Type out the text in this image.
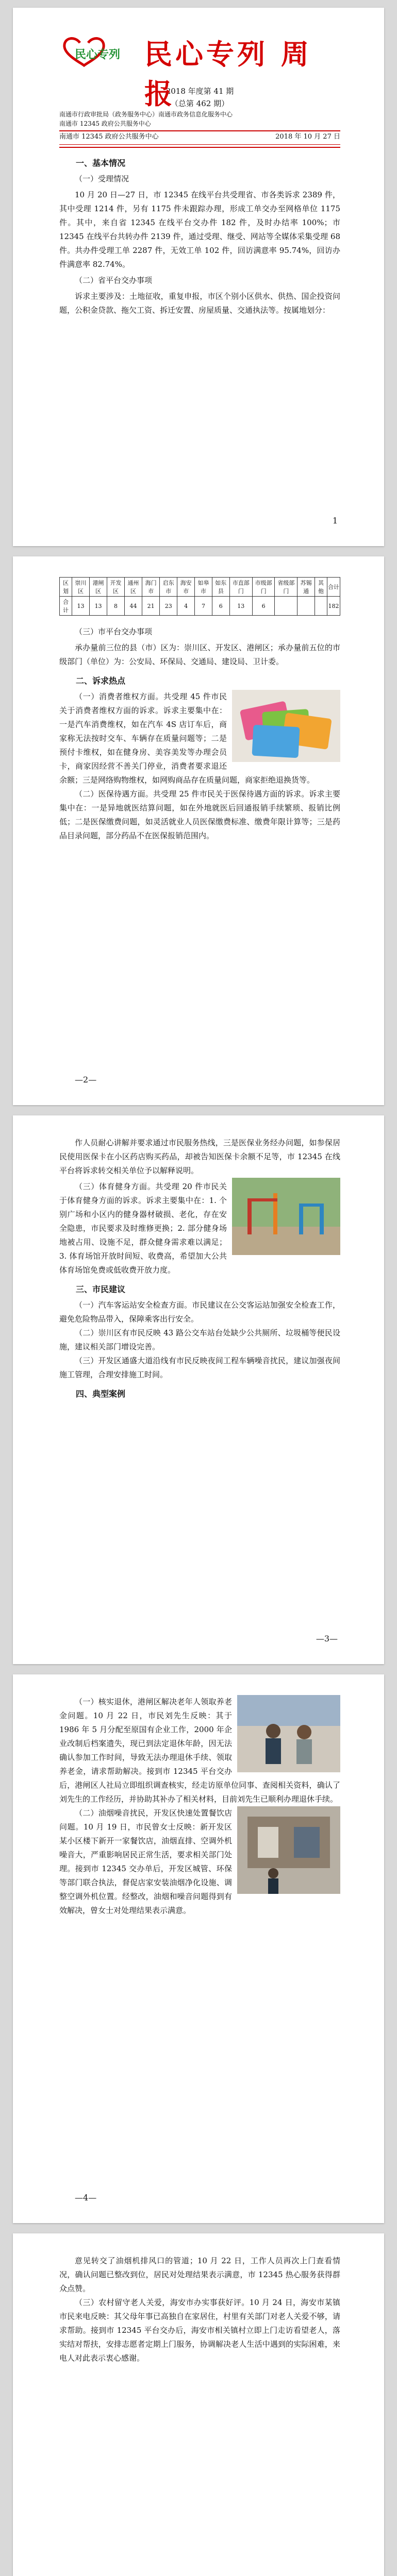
民心专列 民心专列 周报
2018 年度第 41 期
（总第 462 期）
南通市行政审批局（政务服务中心）南通市政务信息化服务中心
南通市 12345 政府公共服务中心
南通市 12345 政府公共服务中心	2018 年 10 月 27 日
一、基本情况
（一）受理情况

10 月 20 日—27 日，市 12345 在线平台共受理省、市各类诉求 2389 件，其中受理 1214 件，另有 1175 件未跟踪办理，形成工单交办至网格单位 1175 件。其中，来自省 12345 在线平台交办件 182 件，及时办结率 100%；市 12345 在线平台共转办件 2139 件，通过受理、继受、网站等全媒体采集受理 68 件。共办件受理工单 2287 件，无效工单 102 件，回访满意率 95.74%，回访办件满意率 82.74%。

（二）省平台交办事项

诉求主要涉及：土地征收，重复申报，市区个别小区供水、供热、国企投资问题，公积金贷款、拖欠工资、拆迁安置、房屋质量、交通执法等。按属地划分：

1
区划	崇川区	港闸区	开发区	通州区	海门市	启东市	海安市	如皋市	如东县	市直部门	市级部门	省级部门	苏锡通	其他	合计
合计	13	13	8	44	21	23	4	7	6	13	6				182
（三）市平台交办事项

承办量前三位的县（市）区为：崇川区、开发区、港闸区；承办量前五位的市级部门（单位）为：公安局、环保局、交通局、建设局、卫计委。

二、诉求热点

（一）消费者维权方面。共受理 45 件市民关于消费者维权方面的诉求。诉求主要集中在：一是汽车消费维权，如在汽车 4S 店订车后，商家称无法按时交车、车辆存在质量问题等；二是预付卡维权，如在健身房、美容美发等办理会员卡，商家因经营不善关门停业，消费者要求退还余额；三是网络购物维权，如网购商品存在质量问题，商家拒绝退换货等。

（二）医保待遇方面。共受理 25 件市民关于医保待遇方面的诉求。诉求主要集中在：一是异地就医结算问题，如在外地就医后回通报销手续繁琐、报销比例低；二是医保缴费问题，如灵活就业人员医保缴费标准、缴费年限计算等；三是药品目录问题，部分药品不在医保报销范围内。

—2—

作人员耐心讲解并要求通过市民服务热线，三是医保业务经办问题，如参保居民使用医保卡在小区药店购买药品，却被告知医保卡余额不足等，市 12345 在线平台将诉求转交相关单位予以解释说明。

（三）体育健身方面。共受理 20 件市民关于体育健身方面的诉求。诉求主要集中在：1. 个别广场和小区内的健身器材破损、老化，存在安全隐患，市民要求及时维修更换；2. 部分健身场地被占用、设施不足，群众健身需求难以满足；3. 体育场馆开放时间短、收费高，希望加大公共体育场馆免费或低收费开放力度。

三、市民建议

（一）汽车客运站安全检查方面。市民建议在公交客运站加强安全检查工作，避免危险物品带入，保障乘客出行安全。

（二）崇川区有市民反映 43 路公交车站台处缺少公共厕所、垃圾桶等便民设施，建议相关部门增设完善。

（三）开发区通盛大道沿线有市民反映夜间工程车辆噪音扰民，建议加强夜间施工管理，合理安排施工时间。

四、典型案例
—3—

（一）核实退休，港闸区解决老年人领取养老金问题。10 月 22 日，市民刘先生反映：其于 1986 年 5 月分配至原国有企业工作，2000 年企业改制后档案遗失，现已到法定退休年龄，因无法确认参加工作时间，导致无法办理退休手续、领取养老金，请求帮助解决。接到市 12345 平台交办后，港闸区人社局立即组织调查核实，经走访原单位同事、查阅相关资料，确认了刘先生的工作经历，并协助其补办了相关材料，目前刘先生已顺利办理退休手续。

（二）油烟噪音扰民，开发区快速处置餐饮店问题。10 月 19 日，市民曾女士反映：新开发区某小区楼下新开一家餐饮店，油烟直排、空调外机噪音大，严重影响居民正常生活，要求相关部门处理。接到市 12345 交办单后，开发区城管、环保等部门联合执法，督促店家安装油烟净化设施、调整空调外机位置。经整改，油烟和噪音问题得到有效解决，曾女士对处理结果表示满意。

—4—

意见转交了油烟机排风口的管道；10 月 22 日，工作人员再次上门查看情况，确认问题已整改到位，居民对处理结果表示满意，市 12345 热心服务获得群众点赞。

（三）农村留守老人关爱，海安市办实事获好评。10 月 24 日，海安市某镇市民来电反映：其父母年事已高独自在家居住，村里有关部门对老人关爱不够，请求帮助。接到市 12345 平台交办后，海安市相关镇村立即上门走访看望老人，落实结对帮扶，安排志愿者定期上门服务，协调解决老人生活中遇到的实际困难，来电人对此表示衷心感谢。
